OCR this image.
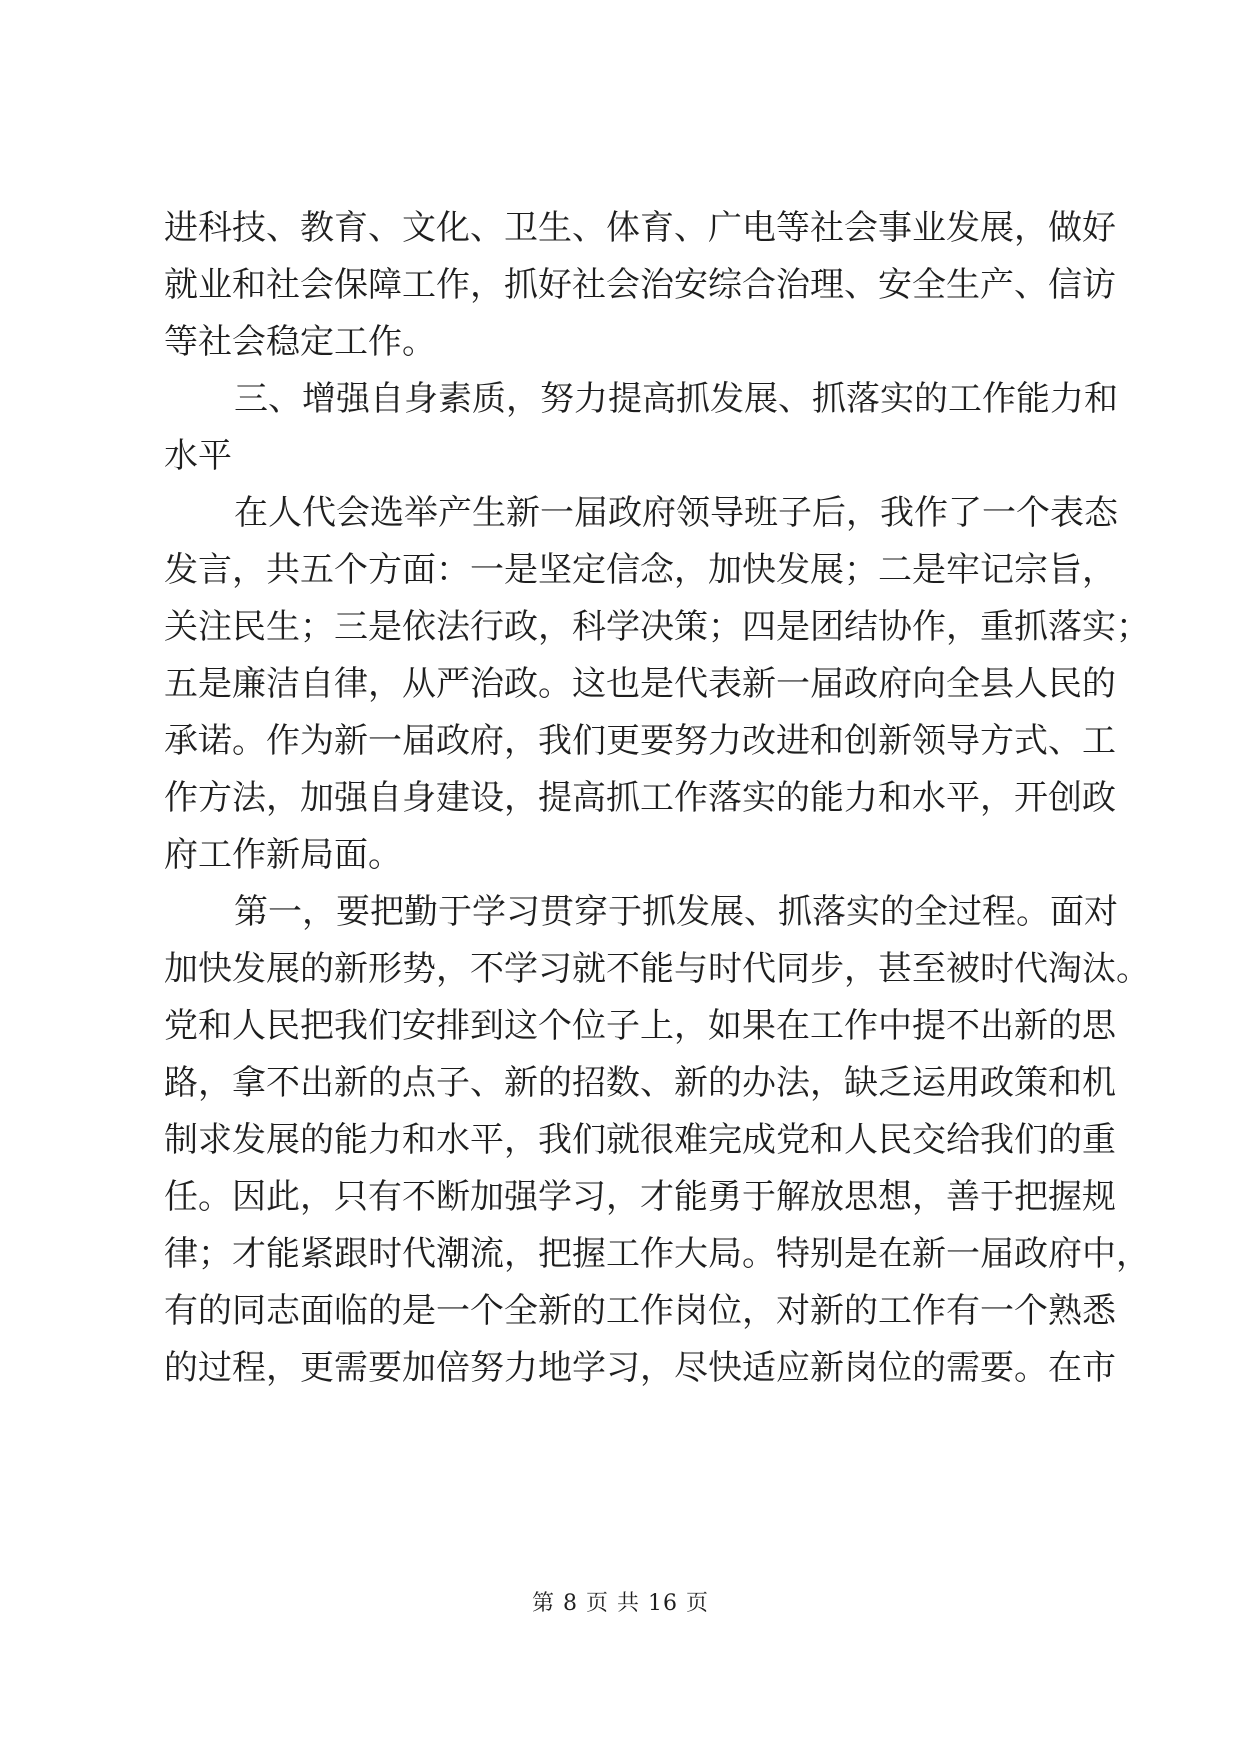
进科技、教育、文化、卫生、体育、广电等社会事业发展，做好
就业和社会保障工作，抓好社会治安综合治理、安全生产、信访
等社会稳定工作。
三、增强自身素质，努力提高抓发展、抓落实的工作能力和
水平
在人代会选举产生新一届政府领导班子后，我作了一个表态
发言，共五个方面：一是坚定信念，加快发展；二是牢记宗旨，
关注民生；三是依法行政，科学决策；四是团结协作，重抓落实；
五是廉洁自律，从严治政。这也是代表新一届政府向全县人民的
承诺。作为新一届政府，我们更要努力改进和创新领导方式、工
作方法，加强自身建设，提高抓工作落实的能力和水平，开创政
府工作新局面。
第一，要把勤于学习贯穿于抓发展、抓落实的全过程。面对
加快发展的新形势，不学习就不能与时代同步，甚至被时代淘汰。
党和人民把我们安排到这个位子上，如果在工作中提不出新的思
路，拿不出新的点子、新的招数、新的办法，缺乏运用政策和机
制求发展的能力和水平，我们就很难完成党和人民交给我们的重
任。因此，只有不断加强学习，才能勇于解放思想，善于把握规
律；才能紧跟时代潮流，把握工作大局。特别是在新一届政府中，
有的同志面临的是一个全新的工作岗位，对新的工作有一个熟悉
的过程，更需要加倍努力地学习，尽快适应新岗位的需要。在市
第 8 页 共 16 页
